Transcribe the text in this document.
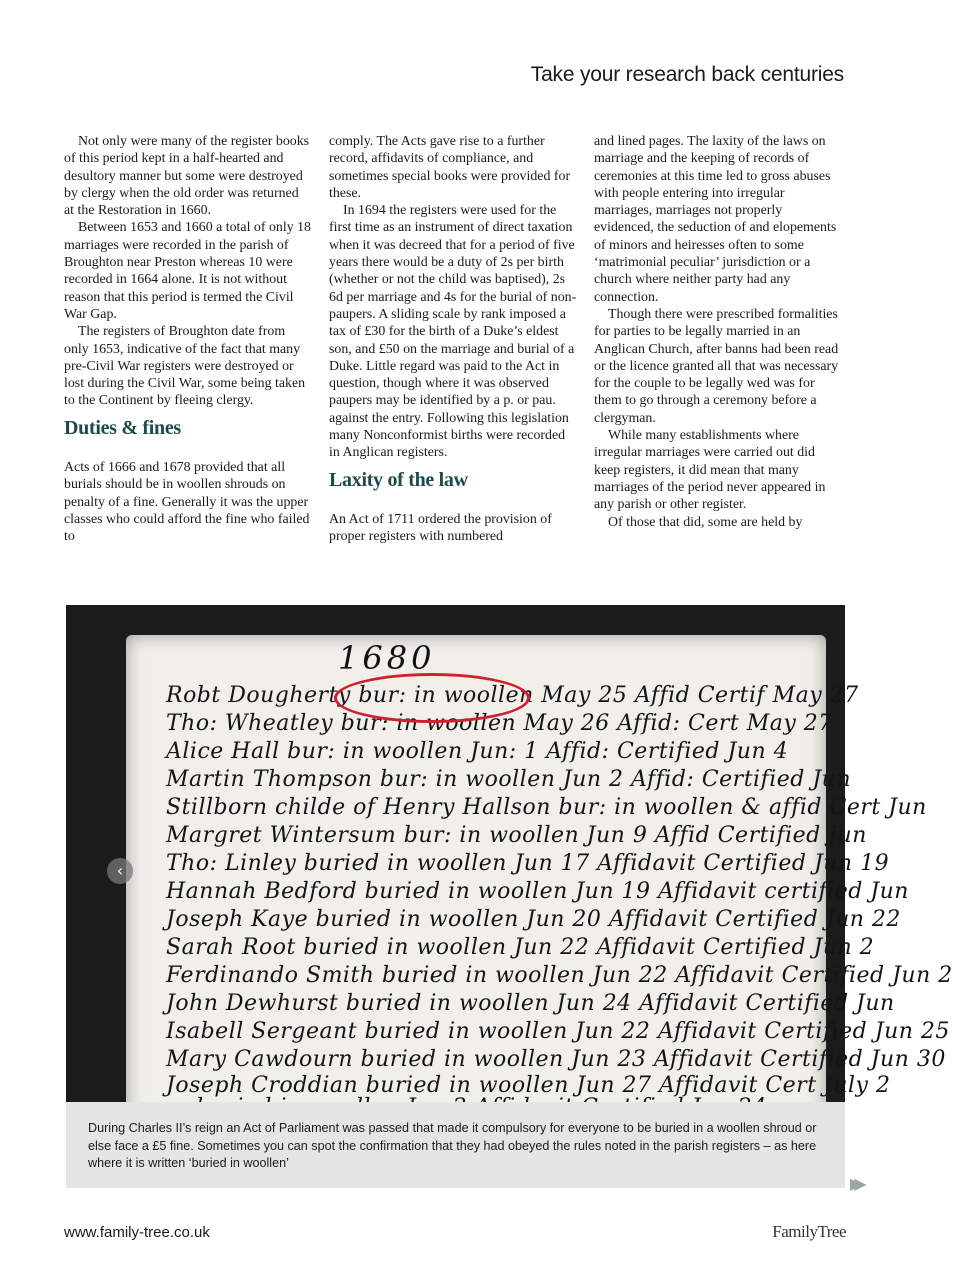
Take your research back centuries

Not only were many of the register books of this period kept in a half-hearted and desultory manner but some were destroyed by clergy when the old order was returned at the Restoration in 1660.

Between 1653 and 1660 a total of only 18 marriages were recorded in the parish of Broughton near Preston whereas 10 were recorded in 1664 alone. It is not without reason that this period is termed the Civil War Gap.

The registers of Broughton date from only 1653, indicative of the fact that many pre-Civil War registers were destroyed or lost during the Civil War, some being taken to the Continent by fleeing clergy.

Duties & fines

Acts of 1666 and 1678 provided that all burials should be in woollen shrouds on penalty of a fine. Generally it was the upper classes who could afford the fine who failed to

comply. The Acts gave rise to a further record, affidavits of compliance, and sometimes special books were provided for these.

In 1694 the registers were used for the first time as an instrument of direct taxation when it was decreed that for a period of five years there would be a duty of 2s per birth (whether or not the child was baptised), 2s 6d per marriage and 4s for the burial of non-paupers. A sliding scale by rank imposed a tax of £30 for the birth of a Duke’s eldest son, and £50 on the marriage and burial of a Duke. Little regard was paid to the Act in question, though where it was observed paupers may be identified by a p. or pau. against the entry. Following this legislation many Nonconformist births were recorded in Anglican registers.

Laxity of the law

An Act of 1711 ordered the provision of proper registers with numbered

and lined pages. The laxity of the laws on marriage and the keeping of records of ceremonies at this time led to gross abuses with people entering into irregular marriages, marriages not properly evidenced, the seduction of and elopements of minors and heiresses often to some ‘matrimonial peculiar’ jurisdiction or a church where neither party had any connection.

Though there were prescribed formalities for parties to be legally married in an Anglican Church, after banns had been read or the licence granted all that was necessary for the couple to be legally wed was for them to go through a ceremony before a clergyman.

While many establishments where irregular marriages were carried out did keep registers, it did mean that many marriages of the period never appeared in any parish or other register.

Of those that did, some are held by

1680
Robt Dougherty bur: in woollen May 25 Affid Certif May 27
Tho: Wheatley bur: in woollen May 26 Affid: Cert May 27
Alice Hall bur: in woollen Jun: 1 Affid: Certified Jun 4
Martin Thompson bur: in woollen Jun 2 Affid: Certified Jun
Stillborn childe of Henry Hallson bur: in woollen & affid Cert Jun
Margret Wintersum bur: in woollen Jun 9 Affid Certified Jun
Tho: Linley buried in woollen Jun 17 Affidavit Certified Jun 19
Hannah Bedford buried in woollen Jun 19 Affidavit certified Jun
Joseph Kaye buried in woollen Jun 20 Affidavit Certified Jun 22
Sarah Root buried in woollen Jun 22 Affidavit Certified Jun 2
Ferdinando Smith buried in woollen Jun 22 Affidavit Certified Jun 2
John Dewhurst buried in woollen Jun 24 Affidavit Certified Jun
Isabell Sergeant buried in woollen Jun 22 Affidavit Certified Jun 25
Mary Cawdourn buried in woollen Jun 23 Affidavit Certified Jun 30
Joseph Croddian buried in woollen Jun 27 Affidavit Cert July 2
‹
During Charles II’s reign an Act of Parliament was passed that made it compulsory for everyone to be buried in a woollen shroud or else face a £5 fine. Sometimes you can spot the confirmation that they had obeyed the rules noted in the parish registers – as here where it is written ‘buried in woollen’
▶▶
www.family-tree.co.uk	FamilyTree
